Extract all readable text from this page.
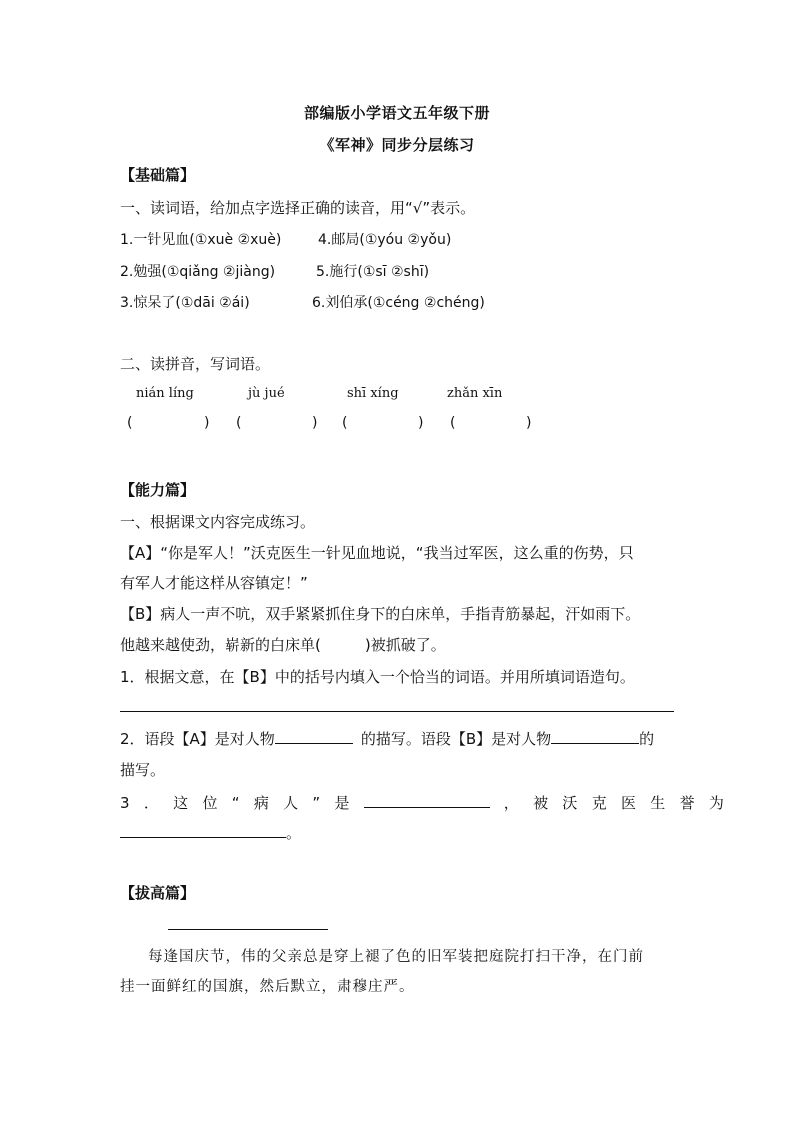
部编版小学语文五年级下册
《军神》同步分层练习
【基础篇】
一、读词语，给加点字选择正确的读音，用“√”表示。
1.一针见血(①xuè ②xuè)	4.邮局(①yóu ②yǒu)
2.勉强(①qiǎng ②jiàng)	5.施行(①sī ②shī)
3.惊呆了(①dāi ②ái)	6.刘伯承(①céng ②chéng)
二、读拼音，写词语。
nián líng	jù jué	shī xíng	zhǎn xīn
(	) (	) (	) (	)
【能力篇】
一、根据课文内容完成练习。
【A】“你是军人！”沃克医生一针见血地说，“我当过军医，这么重的伤势，只
有军人才能这样从容镇定！”
【B】病人一声不吭，双手紧紧抓住身下的白床单，手指青筋暴起，汗如雨下。
他越来越使劲，崭新的白床单(	)被抓破了。
1．根据文意，在【B】中的括号内填入一个恰当的词语。并用所填词语造句。
2．语段【A】是对人物	的描写。语段【B】是对人物	的
描写。
3．这位“病人”是	，被沃克医生誉为
。
【拔高篇】
每逢国庆节，伟的父亲总是穿上褪了色的旧军装把庭院打扫干净，在门前
挂一面鲜红的国旗，然后默立，肃穆庄严。
